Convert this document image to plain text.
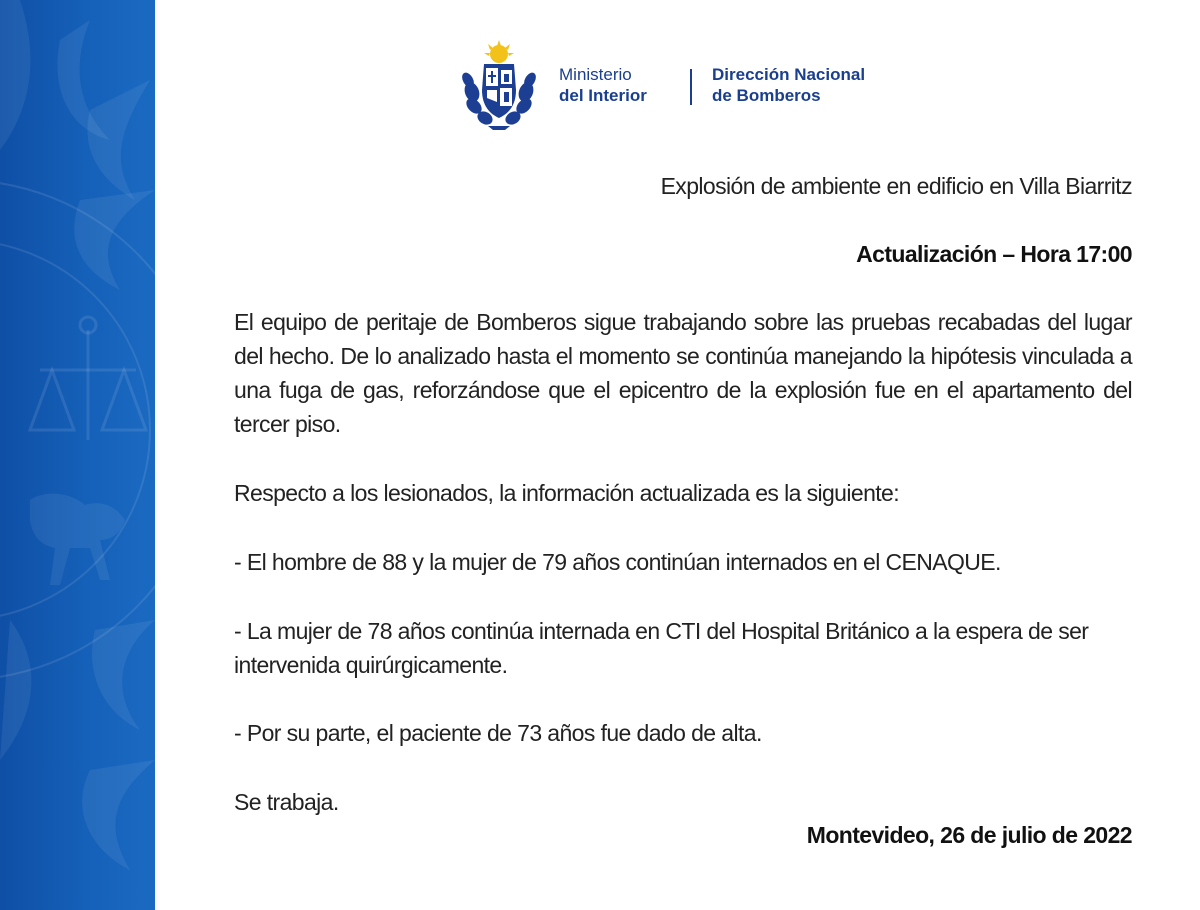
Ministerio
del Interior
Dirección Nacional
de Bomberos

Explosión de ambiente en edificio en Villa Biarritz

Actualización – Hora 17:00

El equipo de peritaje de Bomberos sigue trabajando sobre las pruebas recabadas del lugar del hecho. De lo analizado hasta el momento se continúa manejando la hipótesis vinculada a una fuga de gas, reforzándose que el epicentro de la explosión fue en el apartamento del tercer piso.

Respecto a los lesionados, la información actualizada es la siguiente:

- El hombre de 88 y la mujer de 79 años continúan internados en el CENAQUE.

- La mujer de 78 años continúa internada en CTI del Hospital Británico a la espera de ser intervenida quirúrgicamente.

- Por su parte, el paciente de 73 años fue dado de alta.

Se trabaja.

Montevideo, 26 de julio de 2022
